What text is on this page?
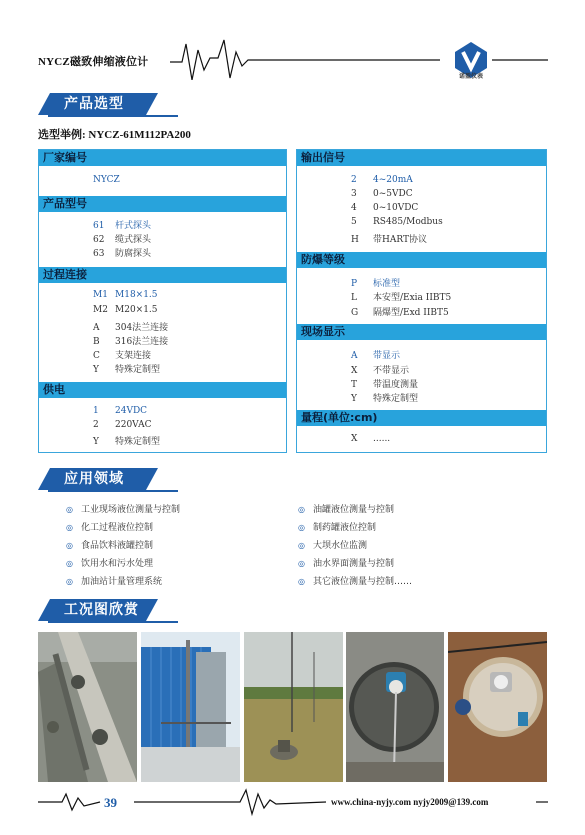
NYCZ磁致伸缩液位计
诺盈仪表
产品选型
选型举例: NYCZ-61M112PA200
厂家编号
NYCZ
产品型号
61 杆式探头
62 缆式探头
63 防腐探头
过程连接
M1 M18×1.5
M2 M20×1.5
A 304法兰连接
B 316法兰连接
C 支架连接
Y 特殊定制型
供电
1 24VDC
2 220VAC
Y 特殊定制型
输出信号
2 4~20mA
3 0~5VDC
4 0~10VDC
5 RS485/Modbus
H 带HART协议
防爆等级
P 标准型
L 本安型/Exia IIBT5
G 隔爆型/Exd IIBT5
现场显示
A 带显示
X 不带显示
T 带温度测量
Y 特殊定制型
量程(单位:cm)
X ......
应用领域
◎ 工业现场液位测量与控制
◎ 化工过程液位控制
◎ 食品饮料液罐控制
◎ 饮用水和污水处理
◎ 加油站计量管理系统
◎ 油罐液位测量与控制
◎ 制药罐液位控制
◎ 大坝水位监测
◎ 油水界面测量与控制
◎ 其它液位测量与控制……
工况图欣赏
39	www.china-nyjy.com nyjy2009@139.com
